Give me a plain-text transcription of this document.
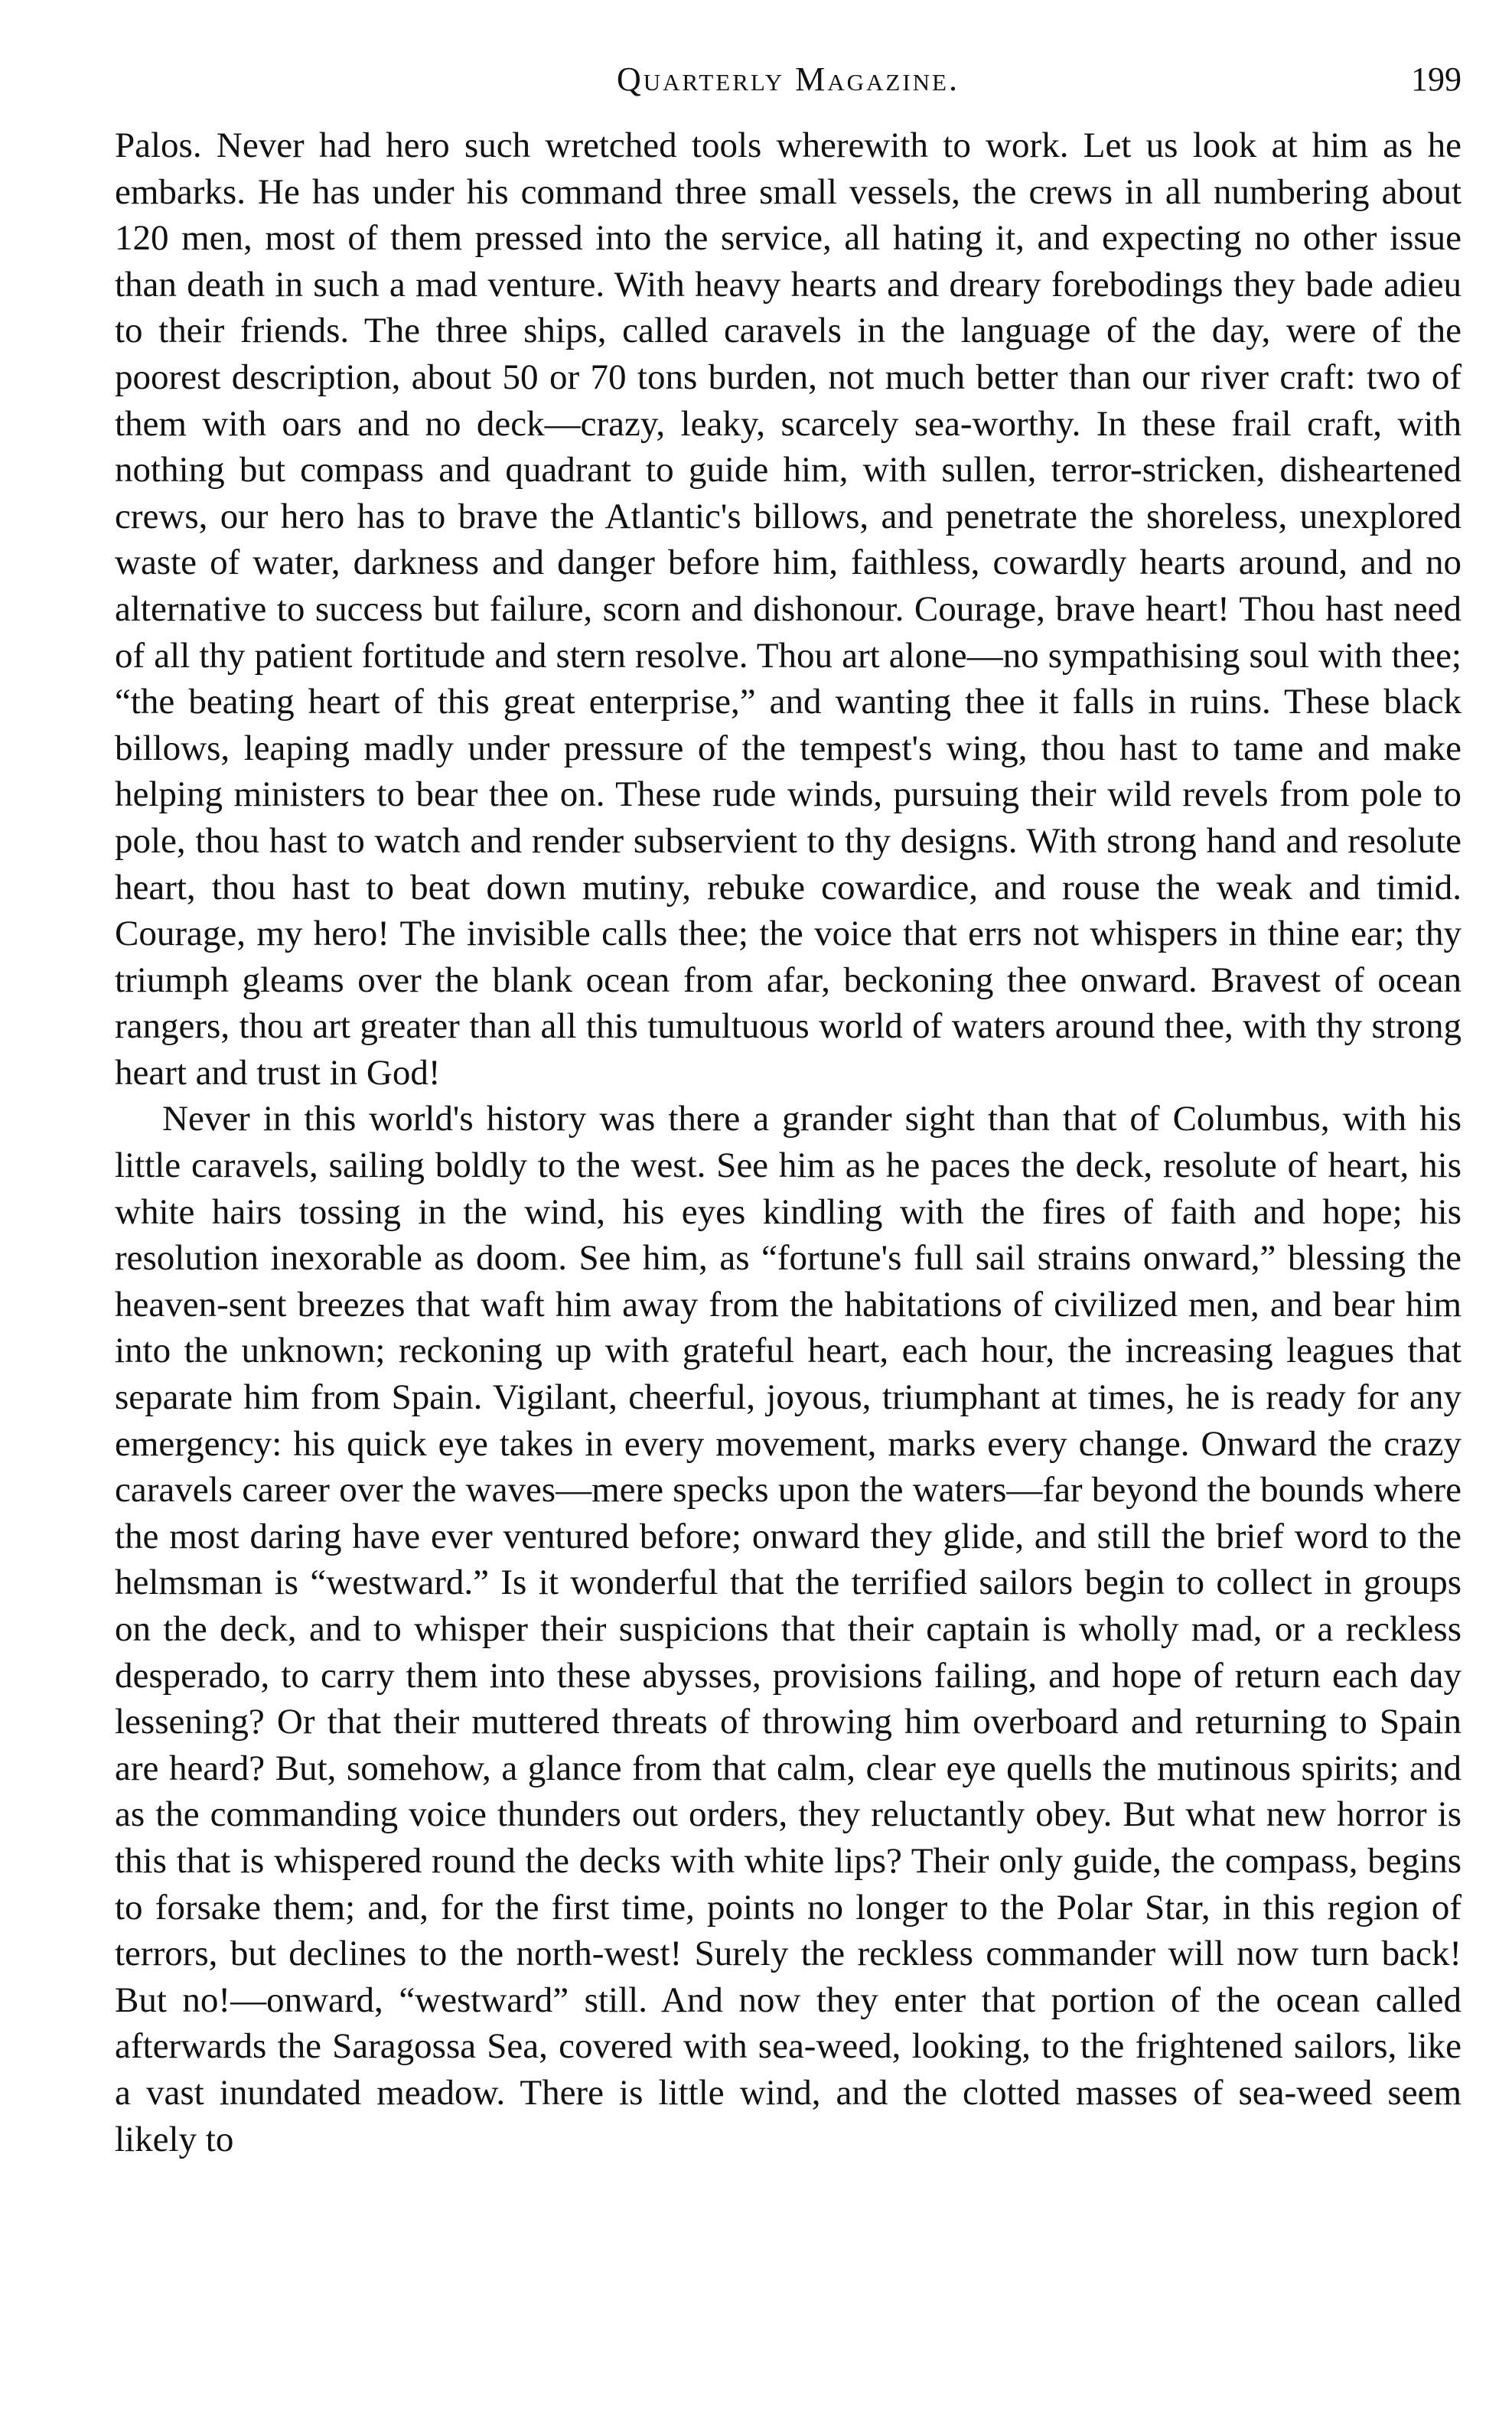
Quarterly Magazine.	199

Palos. Never had hero such wretched tools wherewith to work. Let us look at him as he embarks. He has under his command three small vessels, the crews in all numbering about 120 men, most of them pressed into the service, all hating it, and expecting no other issue than death in such a mad venture. With heavy hearts and dreary forebodings they bade adieu to their friends. The three ships, called caravels in the language of the day, were of the poorest description, about 50 or 70 tons burden, not much better than our river craft: two of them with oars and no deck—crazy, leaky, scarcely sea-worthy. In these frail craft, with nothing but compass and quadrant to guide him, with sullen, terror-stricken, disheartened crews, our hero has to brave the Atlantic's billows, and penetrate the shoreless, unexplored waste of water, darkness and danger before him, faithless, cowardly hearts around, and no alternative to success but failure, scorn and dishonour. Courage, brave heart! Thou hast need of all thy patient fortitude and stern resolve. Thou art alone—no sympathising soul with thee; “the beating heart of this great enterprise,” and wanting thee it falls in ruins. These black billows, leaping madly under pressure of the tempest's wing, thou hast to tame and make helping ministers to bear thee on. These rude winds, pursuing their wild revels from pole to pole, thou hast to watch and render subservient to thy designs. With strong hand and resolute heart, thou hast to beat down mutiny, rebuke cowardice, and rouse the weak and timid. Courage, my hero! The invisible calls thee; the voice that errs not whispers in thine ear; thy triumph gleams over the blank ocean from afar, beckoning thee onward. Bravest of ocean rangers, thou art greater than all this tumultuous world of waters around thee, with thy strong heart and trust in God!

Never in this world's history was there a grander sight than that of Columbus, with his little caravels, sailing boldly to the west. See him as he paces the deck, resolute of heart, his white hairs tossing in the wind, his eyes kindling with the fires of faith and hope; his resolution inexorable as doom. See him, as “fortune's full sail strains onward,” blessing the heaven-sent breezes that waft him away from the habitations of civilized men, and bear him into the unknown; reckoning up with grateful heart, each hour, the increasing leagues that separate him from Spain. Vigilant, cheerful, joyous, triumphant at times, he is ready for any emergency: his quick eye takes in every movement, marks every change. Onward the crazy caravels career over the waves—mere specks upon the waters—far beyond the bounds where the most daring have ever ventured before; onward they glide, and still the brief word to the helmsman is “westward.” Is it wonderful that the terrified sailors begin to collect in groups on the deck, and to whisper their suspicions that their captain is wholly mad, or a reckless desperado, to carry them into these abysses, provisions failing, and hope of return each day lessening? Or that their muttered threats of throwing him overboard and returning to Spain are heard? But, somehow, a glance from that calm, clear eye quells the mutinous spirits; and as the commanding voice thunders out orders, they reluctantly obey. But what new horror is this that is whispered round the decks with white lips? Their only guide, the compass, begins to forsake them; and, for the first time, points no longer to the Polar Star, in this region of terrors, but declines to the north-west! Surely the reckless commander will now turn back! But no!—onward, “westward” still. And now they enter that portion of the ocean called afterwards the Saragossa Sea, covered with sea-weed, looking, to the frightened sailors, like a vast inundated meadow. There is little wind, and the clotted masses of sea-weed seem likely to
